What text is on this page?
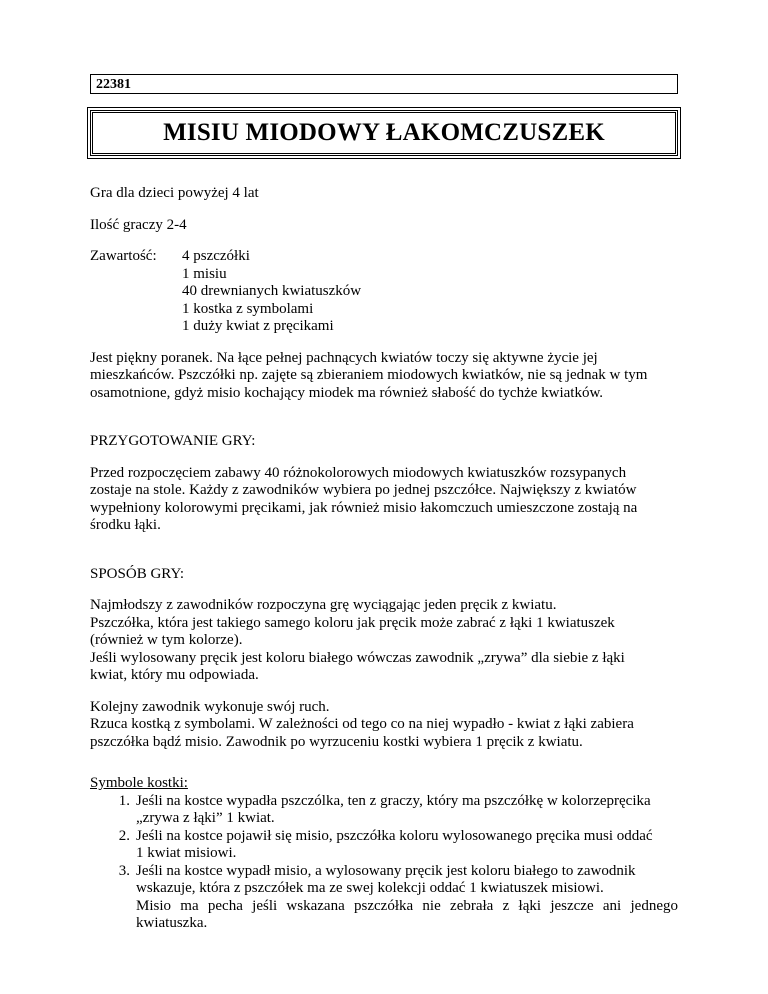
22381
MISIU MIODOWY ŁAKOMCZUSZEK

Gra dla dzieci powyżej 4 lat

Ilość graczy 2-4

Zawartość:	4 pszczółki
1 misiu
40 drewnianych kwiatuszków
1 kostka z symbolami
1 duży kwiat z pręcikami
Jest piękny poranek. Na łące pełnej pachnących kwiatów toczy się aktywne życie jej
mieszkańców. Pszczółki np. zajęte są zbieraniem miodowych kwiatków, nie są jednak w tym
osamotnione, gdyż misio kochający miodek ma również słabość do tychże kwiatków.

PRZYGOTOWANIE GRY:

Przed rozpoczęciem zabawy 40 różnokolorowych miodowych kwiatuszków rozsypanych
zostaje na stole. Każdy z zawodników wybiera po jednej pszczółce. Największy z kwiatów
wypełniony kolorowymi pręcikami, jak również misio łakomczuch umieszczone zostają na
środku łąki.

SPOSÓB GRY:

Najmłodszy z zawodników rozpoczyna grę wyciągając jeden pręcik z kwiatu.
Pszczółka, która jest takiego samego koloru jak pręcik może zabrać z łąki 1 kwiatuszek
(również w tym kolorze).
Jeśli wylosowany pręcik jest koloru białego wówczas zawodnik „zrywa” dla siebie z łąki
kwiat, który mu odpowiada.
Kolejny zawodnik wykonuje swój ruch.
Rzuca kostką z symbolami. W zależności od tego co na niej wypadło - kwiat z łąki zabiera
pszczółka bądź misio. Zawodnik po wyrzuceniu kostki wybiera 1 pręcik z kwiatu.

Symbole kostki:

1. Jeśli na kostce wypadła pszczólka, ten z graczy, który ma pszczółkę w kolorzepręcika
„zrywa z łąki” 1 kwiat.
2. Jeśli na kostce pojawił się misio, pszczółka koloru wylosowanego pręcika musi oddać
1 kwiat misiowi.
3. Jeśli na kostce wypadł misio, a wylosowany pręcik jest koloru białego to zawodnik
wskazuje, która z pszczółek ma ze swej kolekcji oddać 1 kwiatuszek misiowi.
Misio ma pecha jeśli wskazana pszczółka nie zebrała z łąki jeszcze ani jednego
kwiatuszka.
